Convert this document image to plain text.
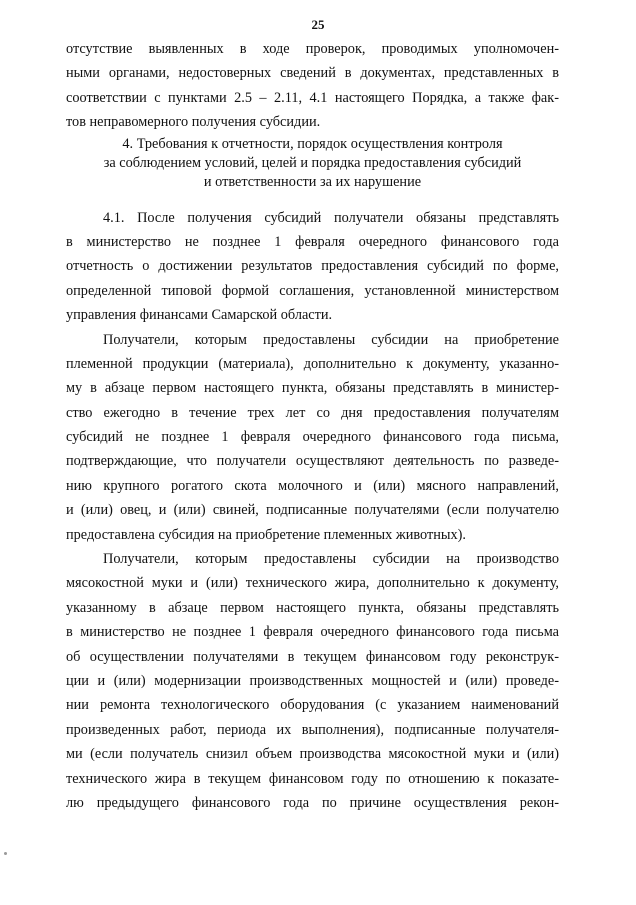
25
отсутствие выявленных в ходе проверок, проводимых уполномочен-
ными органами, недостоверных сведений в документах, представленных в
соответствии с пунктами 2.5 – 2.11, 4.1 настоящего Порядка, а также фак-
тов неправомерного получения субсидии.
4. Требования к отчетности, порядок осуществления контроля
за соблюдением условий, целей и порядка предоставления субсидий
и ответственности за их нарушение
4.1. После получения субсидий получатели обязаны представлять
в министерство не позднее 1 февраля очередного финансового года
отчетность о достижении результатов предоставления субсидий по форме,
определенной типовой формой соглашения, установленной министерством
управления финансами Самарской области.
Получатели, которым предоставлены субсидии на приобретение
племенной продукции (материала), дополнительно к документу, указанно-
му в абзаце первом настоящего пункта, обязаны представлять в министер-
ство ежегодно в течение трех лет со дня предоставления получателям
субсидий не позднее 1 февраля очередного финансового года письма,
подтверждающие, что получатели осуществляют деятельность по разведе-
нию крупного рогатого скота молочного и (или) мясного направлений,
и (или) овец, и (или) свиней, подписанные получателями (если получателю
предоставлена субсидия на приобретение племенных животных).
Получатели, которым предоставлены субсидии на производство
мясокостной муки и (или) технического жира, дополнительно к документу,
указанному в абзаце первом настоящего пункта, обязаны представлять
в министерство не позднее 1 февраля очередного финансового года письма
об осуществлении получателями в текущем финансовом году реконструк-
ции и (или) модернизации производственных мощностей и (или) проведе-
нии ремонта технологического оборудования (с указанием наименований
произведенных работ, периода их выполнения), подписанные получателя-
ми (если получатель снизил объем производства мясокостной муки и (или)
технического жира в текущем финансовом году по отношению к показате-
лю предыдущего финансового года по причине осуществления рекон-
